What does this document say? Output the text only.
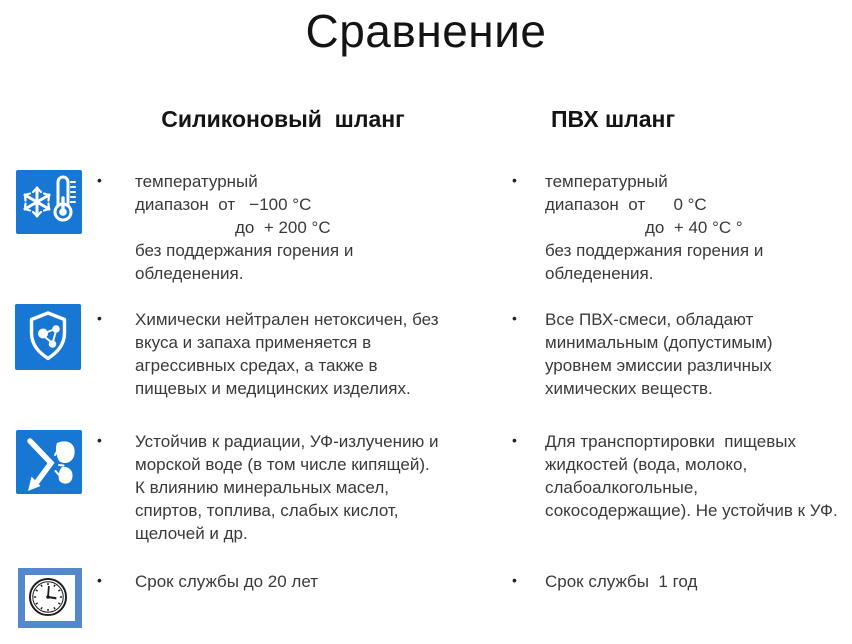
Сравнение
Силиконовый  шланг	ПВХ шланг
• температурный
диапазон  от   −100 °C
до  + 200 °C
без поддержания горения и
обледенения.
• температурный
диапазон  от      0 °C
до  + 40 °C °
без поддержания горения и
обледенения.
• Химически нейтрален нетоксичен, без
вкуса и запаха применяется в
агрессивных средах, а также в
пищевых и медицинских изделиях.
• Все ПВХ-смеси, обладают
минимальным (допустимым)
уровнем эмиссии различных
химических веществ.
• Устойчив к радиации, УФ-излучению и
морской воде (в том числе кипящей).
К влиянию минеральных масел,
спиртов, топлива, слабых кислот,
щелочей и др.
• Для транспортировки  пищевых
жидкостей (вода, молоко,
слабоалкогольные,
сокосодержащие). Не устойчив к УФ.
• Срок службы до 20 лет	• Срок службы  1 год
